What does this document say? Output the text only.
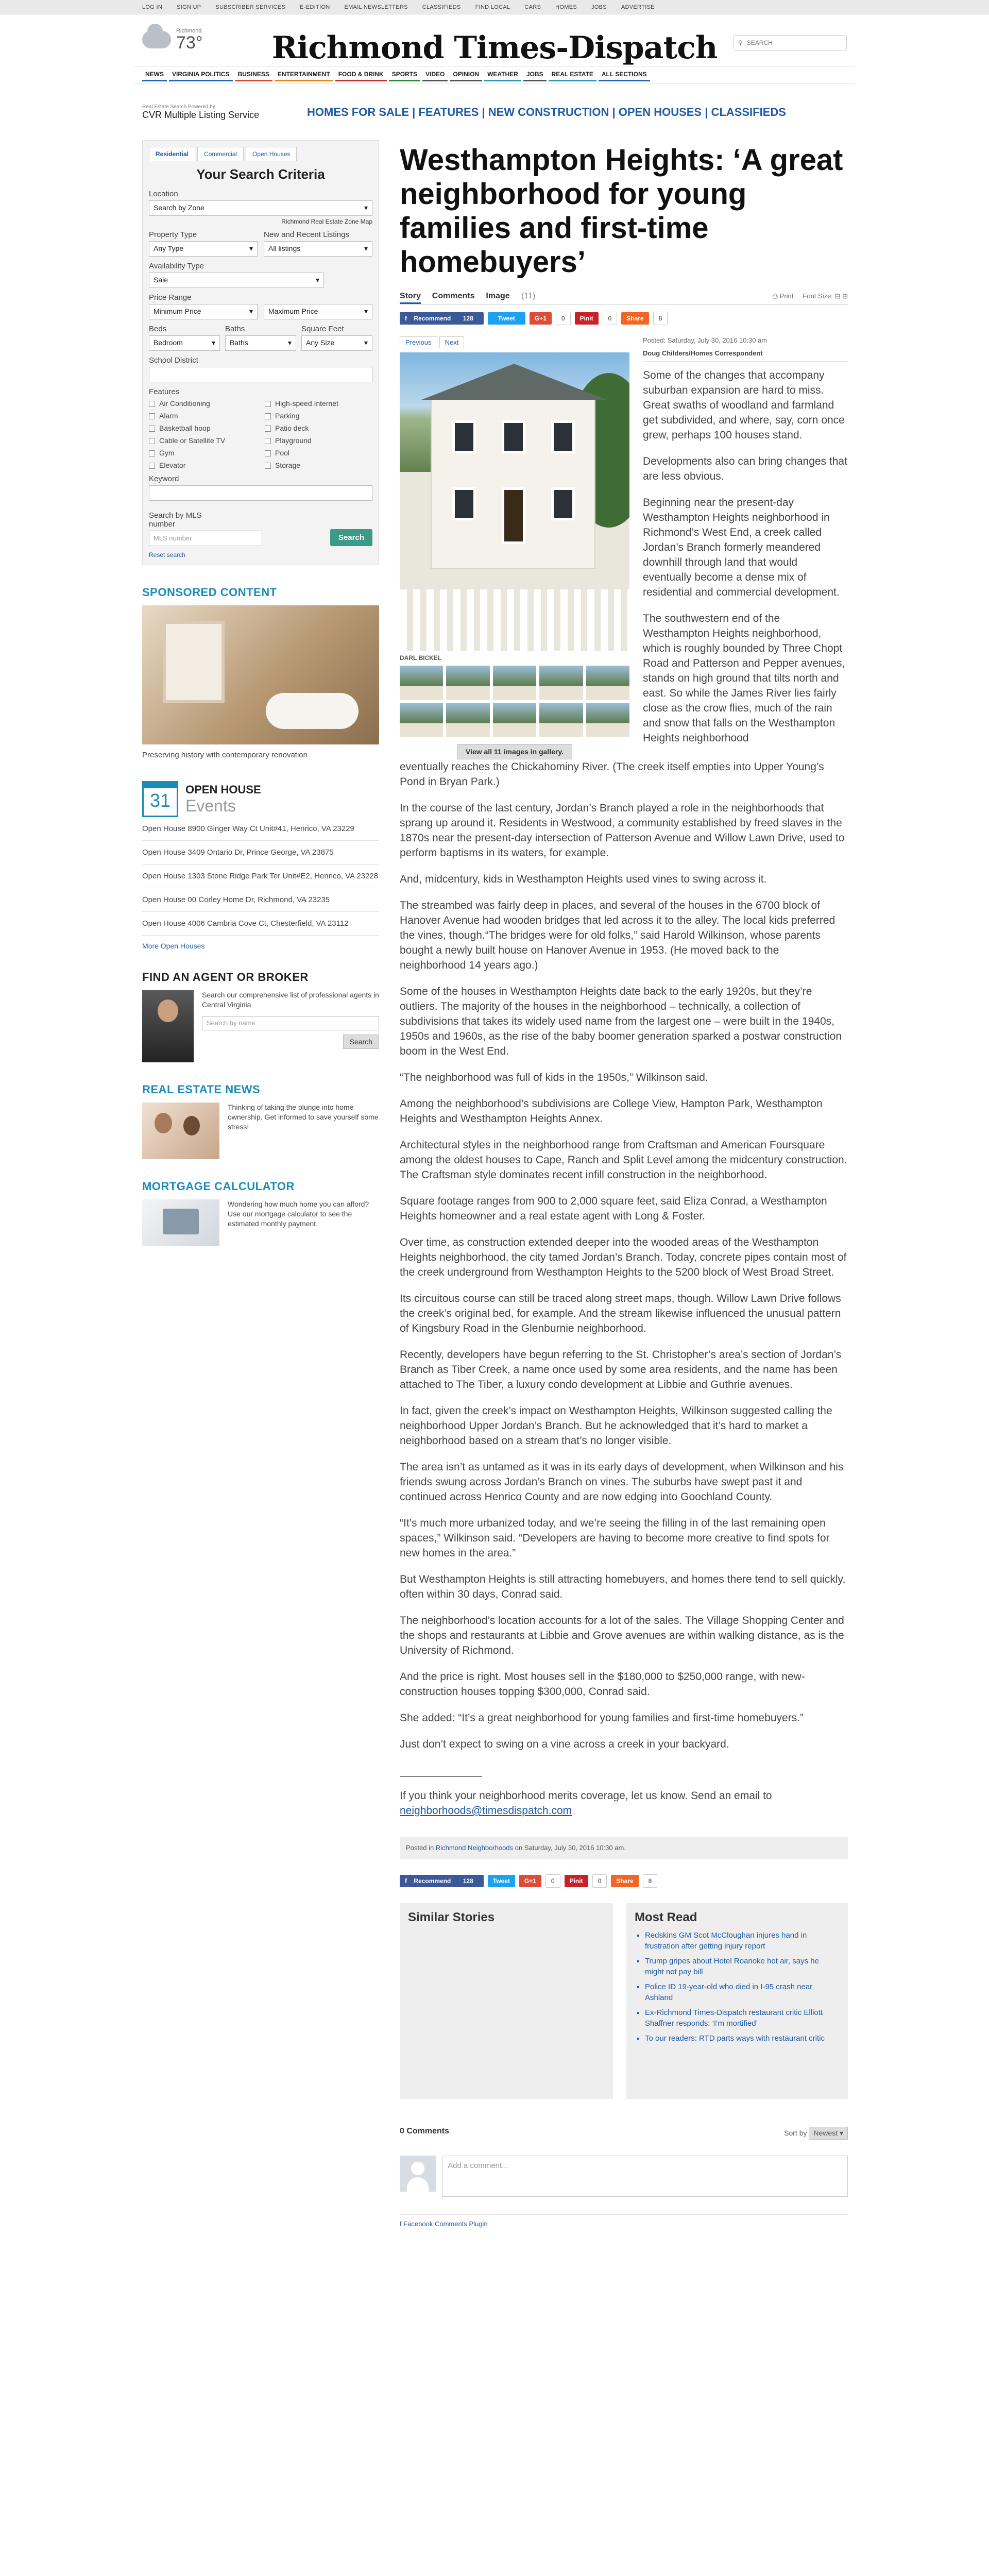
LOG IN	SIGN UP	SUBSCRIBER SERVICES	E-EDITION	EMAIL NEWSLETTERS	CLASSIFIEDS	FIND LOCAL	CARS	HOMES	JOBS	ADVERTISE
Richmond
73°	Richmond Times-Dispatch	⚲ SEARCH
NEWS	VIRGINIA POLITICS	BUSINESS	ENTERTAINMENT	FOOD & DRINK	SPORTS	VIDEO	OPINION	WEATHER	JOBS	REAL ESTATE	ALL SECTIONS
Real Estate Search Powered by
CVR Multiple Listing Service	HOMES FOR SALE | FEATURES | NEW CONSTRUCTION | OPEN HOUSES | CLASSIFIEDS
Residential	Commercial	Open Houses
Your Search Criteria
Location
Search by Zone	▾
Richmond Real Estate Zone Map
Property Type
Any Type	▾
New and Recent Listings
All listings	▾
Availability Type
Sale	▾
Price Range
Minimum Price	▾ Maximum Price	▾
Beds
Bedroom	▾
Baths
Baths	▾
Square Feet
Any Size	▾
School District
Features
Air Conditioning	High-speed Internet
Alarm	Parking
Basketball hoop	Patio deck
Cable or Satellite TV	Playground
Gym	Pool
Elevator	Storage
Keyword
Search by MLS number
MLS number	Search
Reset search
SPONSORED CONTENT
Preserving history with contemporary renovation
31
OPEN HOUSE
Events
Open House 8900 Ginger Way Ct Unit#41, Henrico, VA 23229
Open House 3409 Ontario Dr, Prince George, VA 23875
Open House 1303 Stone Ridge Park Ter Unit#E2, Henrico, VA 23228
Open House 00 Corley Home Dr, Richmond, VA 23235
Open House 4006 Cambria Cove Ct, Chesterfield, VA 23112
More Open Houses
FIND AN AGENT OR BROKER

Search our comprehensive list of professional agents in Central Virginia

Search by name
Search
REAL ESTATE NEWS

Thinking of taking the plunge into home ownership. Get informed to save yourself some stress!

MORTGAGE CALCULATOR

Wondering how much home you can afford? Use our mortgage calculator to see the estimated monthly payment.

Westhampton Heights: ‘A great neighborhood for young families and first-time homebuyers’
Story Comments Image (11)	⎙ Print Font Size: ⊟ ⊞
f Recommend 128	Tweet	G+1	0	Pinit	0	Share	8
Previous	Next
DARL BICKEL
View all 11 images in gallery.
Posted: Saturday, July 30, 2016 10:30 am
Doug Childers/Homes Correspondent

Some of the changes that accompany suburban expansion are hard to miss. Great swaths of woodland and farmland get subdivided, and where, say, corn once grew, perhaps 100 houses stand.

Developments also can bring changes that are less obvious.

Beginning near the present-day Westhampton Heights neighborhood in Richmond’s West End, a creek called Jordan’s Branch formerly meandered downhill through land that would eventually become a dense mix of residential and commercial development.

The southwestern end of the Westhampton Heights neighborhood, which is roughly bounded by Three Chopt Road and Patterson and Pepper avenues, stands on high ground that tilts north and east. So while the James River lies fairly close as the crow flies, much of the rain and snow that falls on the Westhampton Heights neighborhood

eventually reaches the Chickahominy River. (The creek itself empties into Upper Young’s Pond in Bryan Park.)

In the course of the last century, Jordan’s Branch played a role in the neighborhoods that sprang up around it. Residents in Westwood, a community established by freed slaves in the 1870s near the present-day intersection of Patterson Avenue and Willow Lawn Drive, used to perform baptisms in its waters, for example.

And, midcentury, kids in Westhampton Heights used vines to swing across it.

The streambed was fairly deep in places, and several of the houses in the 6700 block of Hanover Avenue had wooden bridges that led across it to the alley. The local kids preferred the vines, though.“The bridges were for old folks,” said Harold Wilkinson, whose parents bought a newly built house on Hanover Avenue in 1953. (He moved back to the neighborhood 14 years ago.)

Some of the houses in Westhampton Heights date back to the early 1920s, but they’re outliers. The majority of the houses in the neighborhood – technically, a collection of subdivisions that takes its widely used name from the largest one – were built in the 1940s, 1950s and 1960s, as the rise of the baby boomer generation sparked a postwar construction boom in the West End.

“The neighborhood was full of kids in the 1950s,” Wilkinson said.

Among the neighborhood’s subdivisions are College View, Hampton Park, Westhampton Heights and Westhampton Heights Annex.

Architectural styles in the neighborhood range from Craftsman and American Foursquare among the oldest houses to Cape, Ranch and Split Level among the midcentury construction. The Craftsman style dominates recent infill construction in the neighborhood.

Square footage ranges from 900 to 2,000 square feet, said Eliza Conrad, a Westhampton Heights homeowner and a real estate agent with Long & Foster.

Over time, as construction extended deeper into the wooded areas of the Westhampton Heights neighborhood, the city tamed Jordan’s Branch. Today, concrete pipes contain most of the creek underground from Westhampton Heights to the 5200 block of West Broad Street.

Its circuitous course can still be traced along street maps, though. Willow Lawn Drive follows the creek’s original bed, for example. And the stream likewise influenced the unusual pattern of Kingsbury Road in the Glenburnie neighborhood.

Recently, developers have begun referring to the St. Christopher’s area’s section of Jordan’s Branch as Tiber Creek, a name once used by some area residents, and the name has been attached to The Tiber, a luxury condo development at Libbie and Guthrie avenues.

In fact, given the creek’s impact on Westhampton Heights, Wilkinson suggested calling the neighborhood Upper Jordan’s Branch. But he acknowledged that it’s hard to market a neighborhood based on a stream that’s no longer visible.

The area isn’t as untamed as it was in its early days of development, when Wilkinson and his friends swung across Jordan’s Branch on vines. The suburbs have swept past it and continued across Henrico County and are now edging into Goochland County.

“It’s much more urbanized today, and we’re seeing the filling in of the last remaining open spaces,” Wilkinson said. “Developers are having to become more creative to find spots for new homes in the area.”

But Westhampton Heights is still attracting homebuyers, and homes there tend to sell quickly, often within 30 days, Conrad said.

The neighborhood’s location accounts for a lot of the sales. The Village Shopping Center and the shops and restaurants at Libbie and Grove avenues are within walking distance, as is the University of Richmond.

And the price is right. Most houses sell in the $180,000 to $250,000 range, with new-construction houses topping $300,000, Conrad said.

She added: “It’s a great neighborhood for young families and first-time homebuyers.”

Just don’t expect to swing on a vine across a creek in your backyard.

If you think your neighborhood merits coverage, let us know. Send an email to neighborhoods@timesdispatch.com

Posted in Richmond Neighborhoods on Saturday, July 30, 2016 10:30 am.
f Recommend 128	Tweet	G+1	0	Pinit	0	Share	8
Similar Stories	Most Read
▪ Redskins GM Scot McCloughan injures hand in frustration after getting injury report
▪ Trump gripes about Hotel Roanoke hot air, says he might not pay bill
▪ Police ID 19-year-old who died in I-95 crash near Ashland
▪ Ex-Richmond Times-Dispatch restaurant critic Elliott Shaffner responds: ‘I’m mortified’
▪ To our readers: RTD parts ways with restaurant critic
0 Comments	Sort by Newest ▾
Add a comment...
f Facebook Comments Plugin
